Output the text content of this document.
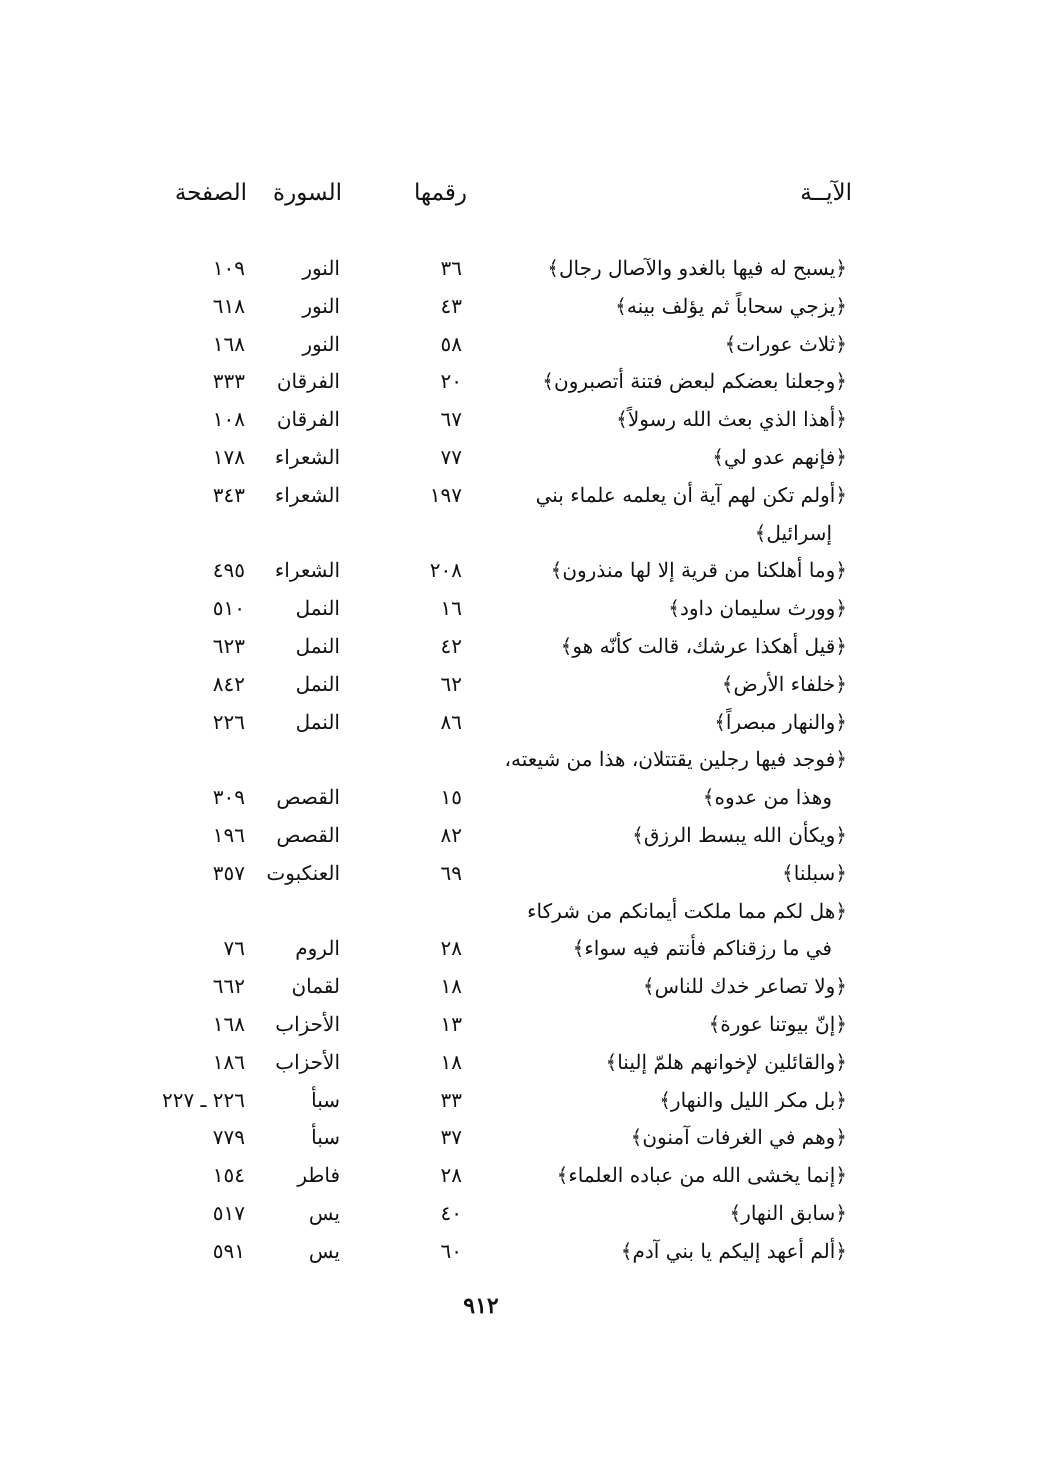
الآيــة
رقمها
السورة
الصفحة
﴿يسبح له فيها بالغدو والآصال رجال﴾
٣٦
النور
١٠٩
﴿يزجي سحاباً ثم يؤلف بينه﴾
٤٣
النور
٦١٨
﴿ثلاث عورات﴾
٥٨
النور
١٦٨
﴿وجعلنا بعضكم لبعض فتنة أتصبرون﴾
٢٠
الفرقان
٣٣٣
﴿أهذا الذي بعث الله رسولاً﴾
٦٧
الفرقان
١٠٨
﴿فإنهم عدو لي﴾
٧٧
الشعراء
١٧٨
﴿أولم تكن لهم آية أن يعلمه علماء بني
إسرائيل﴾
١٩٧
الشعراء
٣٤٣
﴿وما أهلكنا من قرية إلا لها منذرون﴾
٢٠٨
الشعراء
٤٩٥
﴿وورث سليمان داود﴾
١٦
النمل
٥١٠
﴿قيل أهكذا عرشك، قالت كأنّه هو﴾
٤٢
النمل
٦٢٣
﴿خلفاء الأرض﴾
٦٢
النمل
٨٤٢
﴿والنهار مبصراً﴾
٨٦
النمل
٢٢٦
﴿فوجد فيها رجلين يقتتلان، هذا من شيعته،
وهذا من عدوه﴾
١٥
القصص
٣٠٩
﴿ويكأن الله يبسط الرزق﴾
٨٢
القصص
١٩٦
﴿سبلنا﴾
٦٩
العنكبوت
٣٥٧
﴿هل لكم مما ملكت أيمانكم من شركاء
في ما رزقناكم فأنتم فيه سواء﴾
٢٨
الروم
٧٦
﴿ولا تصاعر خدك للناس﴾
١٨
لقمان
٦٦٢
﴿إنّ بيوتنا عورة﴾
١٣
الأحزاب
١٦٨
﴿والقائلين لإخوانهم هلمّ إلينا﴾
١٨
الأحزاب
١٨٦
﴿بل مكر الليل والنهار﴾
٣٣
سبأ
٢٢٦ ـ ٢٢٧
﴿وهم في الغرفات آمنون﴾
٣٧
سبأ
٧٧٩
﴿إنما يخشى الله من عباده العلماء﴾
٢٨
فاطر
١٥٤
﴿سابق النهار﴾
٤٠
يس
٥١٧
﴿ألم أعهد إليكم يا بني آدم﴾
٦٠
يس
٥٩١
٩١٢
